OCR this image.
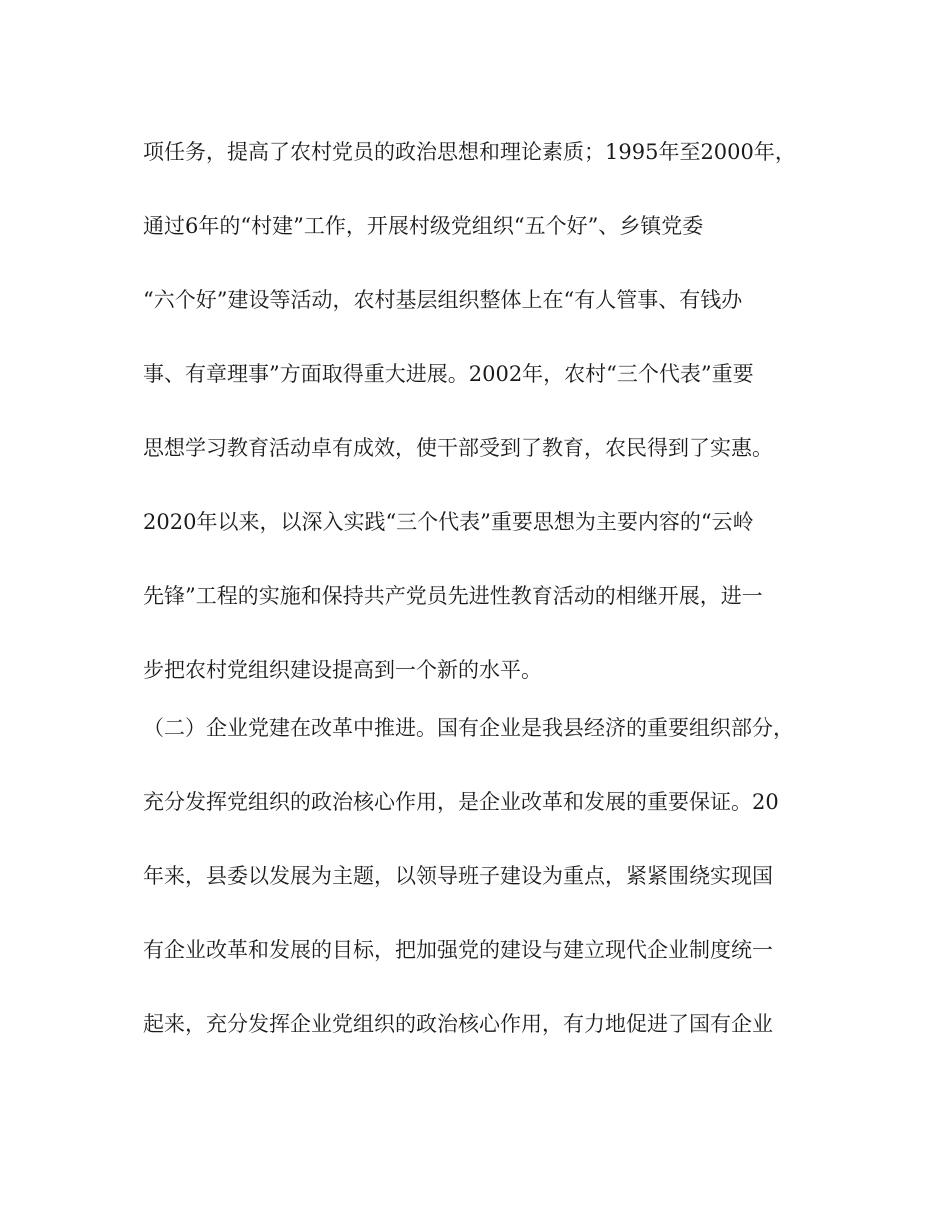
项任务，提高了农村党员的政治思想和理论素质；1995年至2000年，
通过6年的“村建”工作，开展村级党组织“五个好”、乡镇党委
“六个好”建设等活动，农村基层组织整体上在“有人管事、有钱办
事、有章理事”方面取得重大进展。2002年，农村“三个代表”重要
思想学习教育活动卓有成效，使干部受到了教育，农民得到了实惠。
2020年以来，以深入实践“三个代表”重要思想为主要内容的“云岭
先锋”工程的实施和保持共产党员先进性教育活动的相继开展，进一
步把农村党组织建设提高到一个新的水平。
（二）企业党建在改革中推进。国有企业是我县经济的重要组织部分，
充分发挥党组织的政治核心作用，是企业改革和发展的重要保证。20
年来，县委以发展为主题，以领导班子建设为重点，紧紧围绕实现国
有企业改革和发展的目标，把加强党的建设与建立现代企业制度统一
起来，充分发挥企业党组织的政治核心作用，有力地促进了国有企业
